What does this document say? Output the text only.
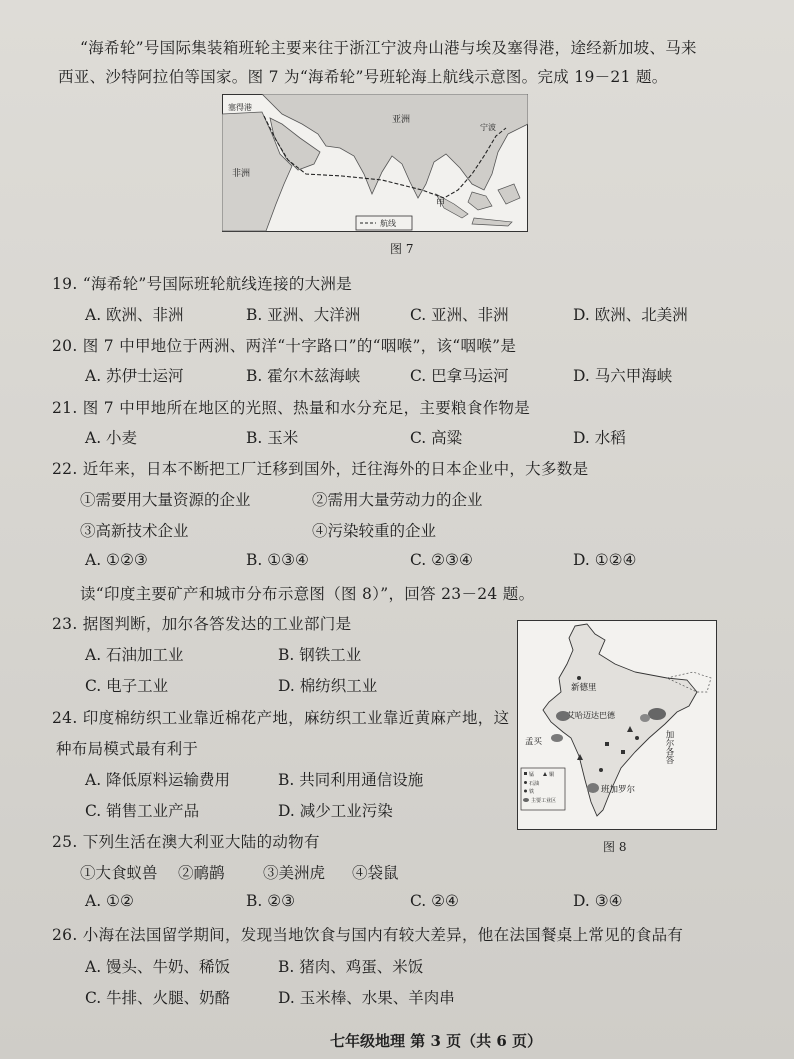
“海希轮”号国际集装箱班轮主要来往于浙江宁波舟山港与埃及塞得港，途经新加坡、马来
西亚、沙特阿拉伯等国家。图 7 为“海希轮”号班轮海上航线示意图。完成 19－21 题。
塞得港
亚洲
宁波
非洲
甲
航线
图 7
19. “海希轮”号国际班轮航线连接的大洲是
A. 欧洲、非洲	B. 亚洲、大洋洲	C. 亚洲、非洲	D. 欧洲、北美洲
20. 图 7 中甲地位于两洲、两洋“十字路口”的“咽喉”，该“咽喉”是
A. 苏伊士运河	B. 霍尔木兹海峡	C. 巴拿马运河	D. 马六甲海峡
21. 图 7 中甲地所在地区的光照、热量和水分充足，主要粮食作物是
A. 小麦	B. 玉米	C. 高粱	D. 水稻
22. 近年来，日本不断把工厂迁移到国外，迁往海外的日本企业中，大多数是
①需要用大量资源的企业	②需用大量劳动力的企业
③高新技术企业	④污染较重的企业
A. ①②③	B. ①③④	C. ②③④	D. ①②④
读“印度主要矿产和城市分布示意图（图 8）”，回答 23－24 题。
23. 据图判断，加尔各答发达的工业部门是
A. 石油加工业	B. 钢铁工业
C. 电子工业	D. 棉纺织工业
24. 印度棉纺织工业靠近棉花产地，麻纺织工业靠近黄麻产地，这
种布局模式最有利于
A. 降低原料运输费用	B. 共同利用通信设施
C. 销售工业产品	D. 减少工业污染
新德里
艾哈迈达巴德
孟买
班加罗尔
加尔各答
锰	铜
石油
铁
主要工业区
图 8
25. 下列生活在澳大利亚大陆的动物有
①大食蚁兽 ②鸸鹋 ③美洲虎 ④袋鼠
A. ①②	B. ②③	C. ②④	D. ③④
26. 小海在法国留学期间，发现当地饮食与国内有较大差异，他在法国餐桌上常见的食品有
A. 馒头、牛奶、稀饭	B. 猪肉、鸡蛋、米饭
C. 牛排、火腿、奶酪	D. 玉米棒、水果、羊肉串
七年级地理 第 3 页（共 6 页）
